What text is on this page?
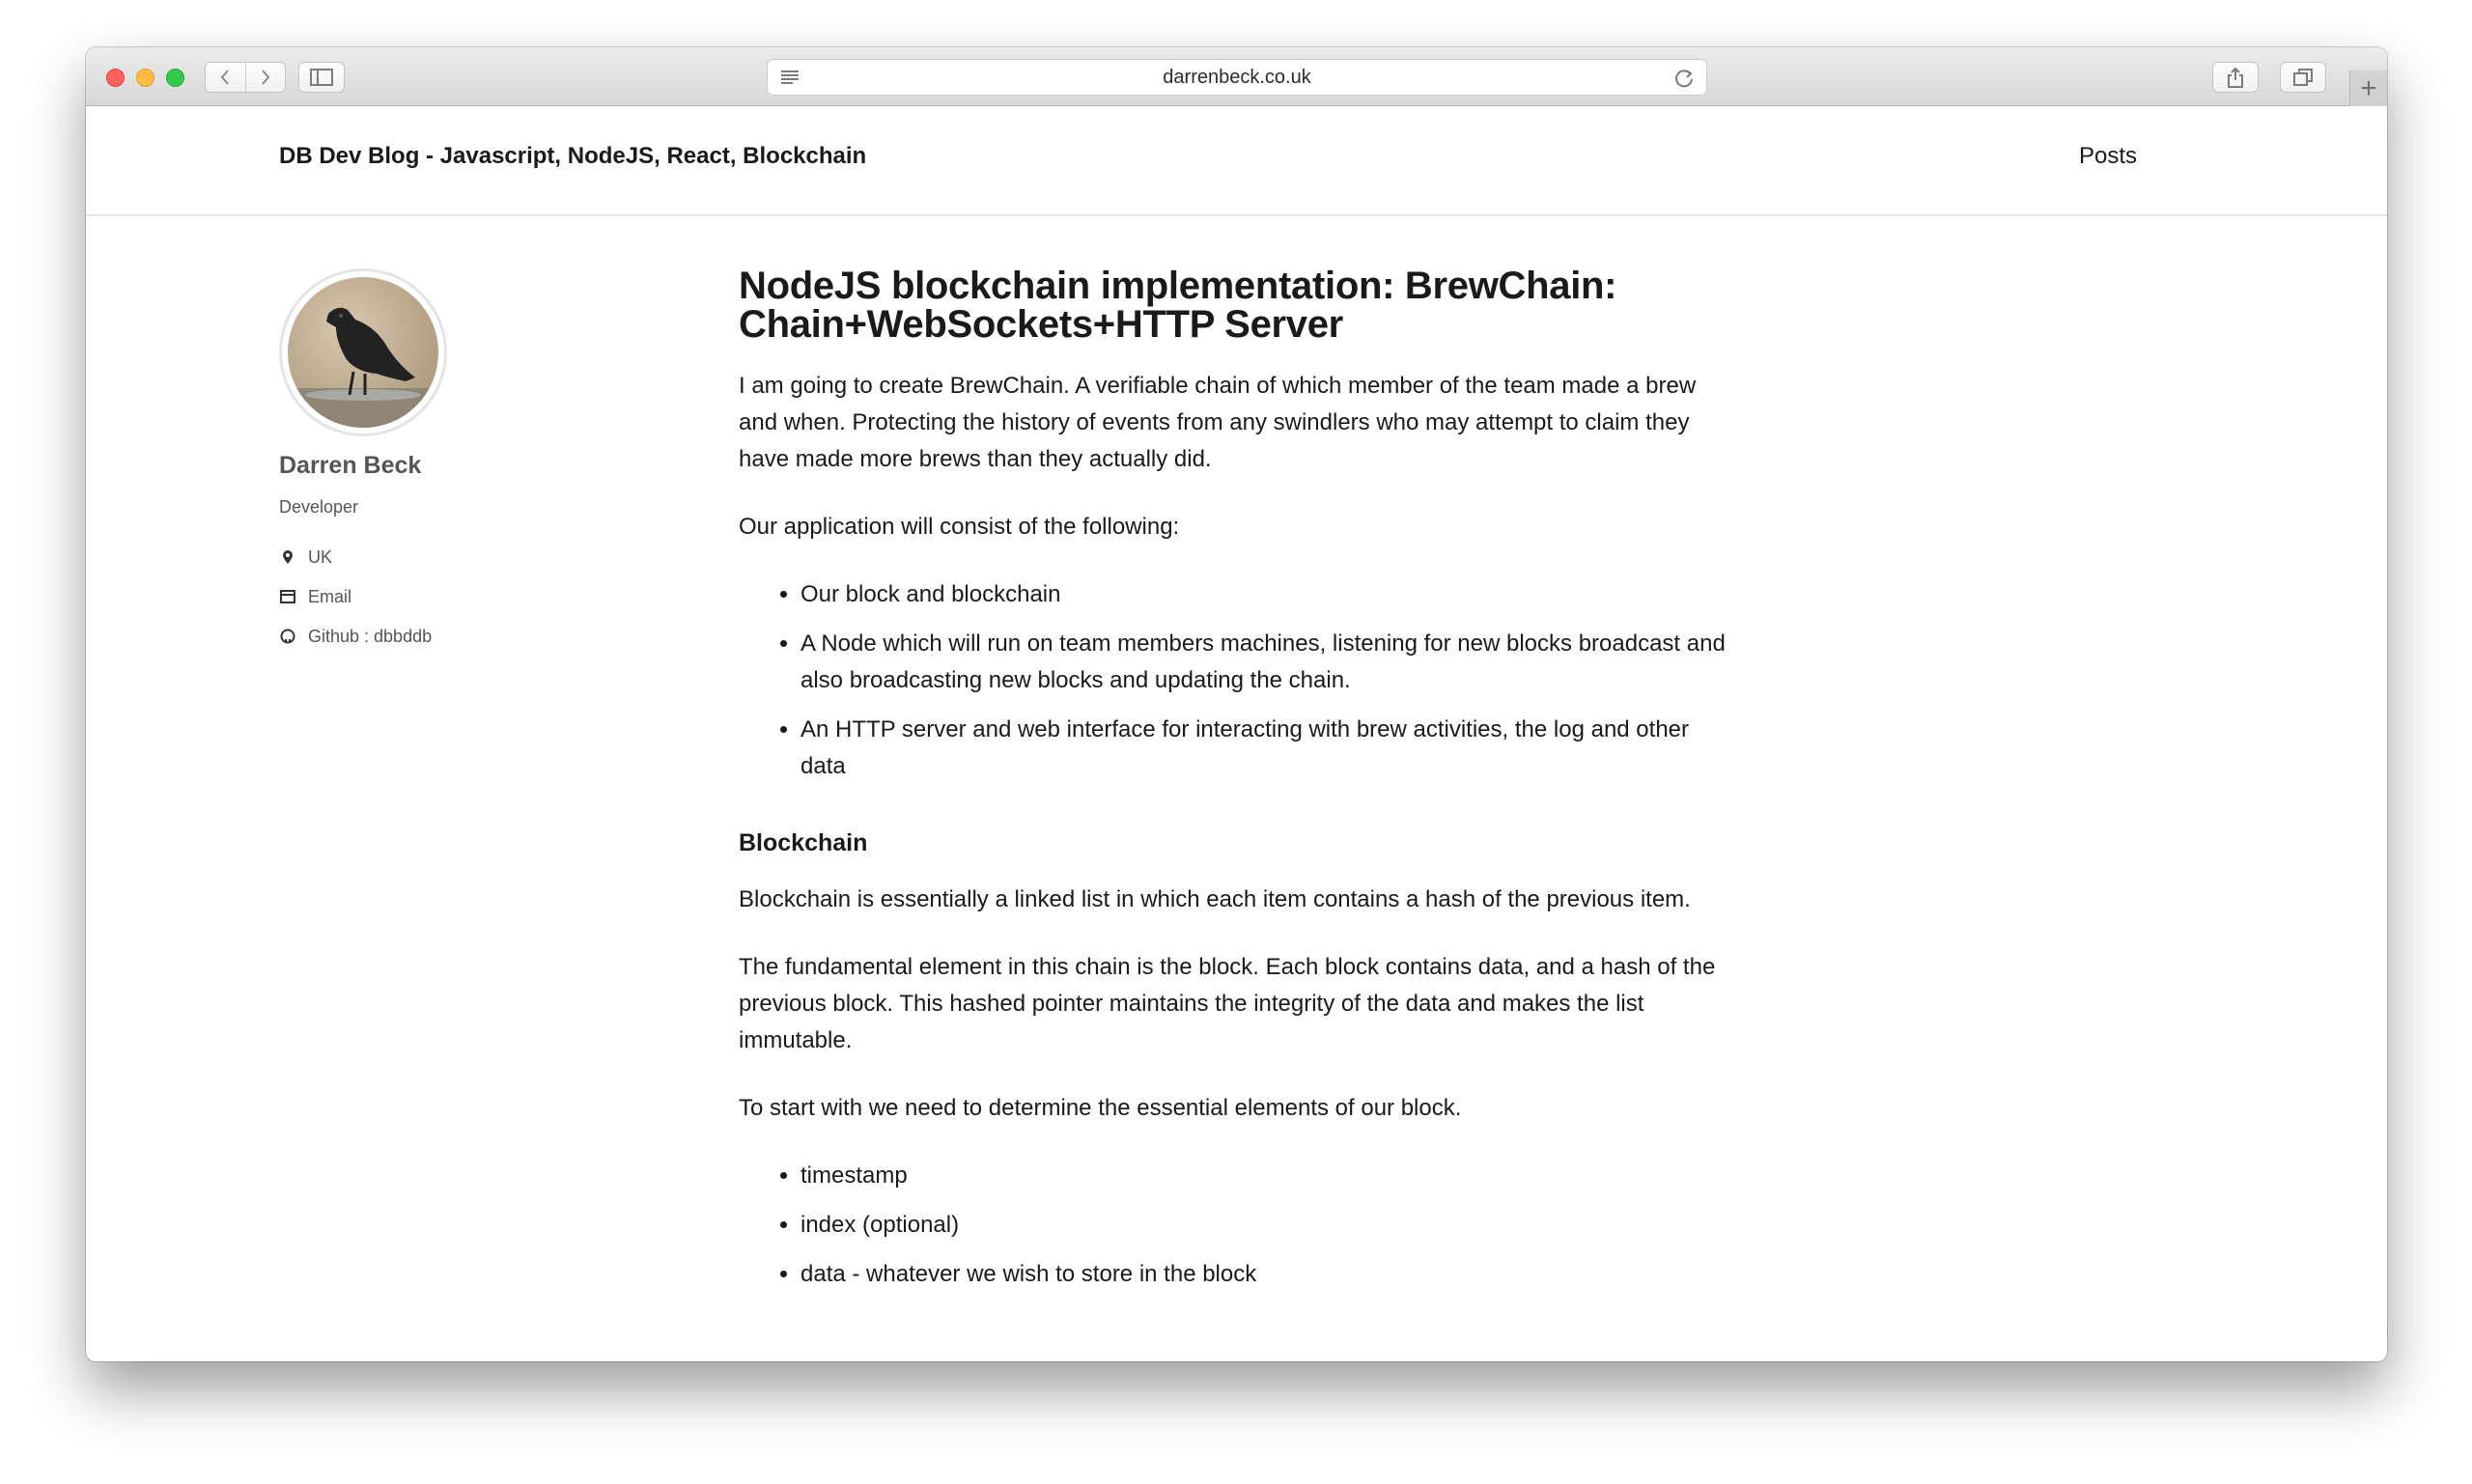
darrenbeck.co.uk	+
DB Dev Blog - Javascript, NodeJS, React, Blockchain	Posts
Darren Beck
Developer
UK
Email
Github : dbbddb
NodeJS blockchain implementation: BrewChain: Chain+WebSockets+HTTP Server

I am going to create BrewChain. A verifiable chain of which member of the team made a brew and when. Protecting the history of events from any swindlers who may attempt to claim they have made more brews than they actually did.

Our application will consist of the following:

• Our block and blockchain
• A Node which will run on team members machines, listening for new blocks broadcast and also broadcasting new blocks and updating the chain.
• An HTTP server and web interface for interacting with brew activities, the log and other data
Blockchain

Blockchain is essentially a linked list in which each item contains a hash of the previous item.

The fundamental element in this chain is the block. Each block contains data, and a hash of the previous block. This hashed pointer maintains the integrity of the data and makes the list immutable.

To start with we need to determine the essential elements of our block.

• timestamp
• index (optional)
• data - whatever we wish to store in the block
